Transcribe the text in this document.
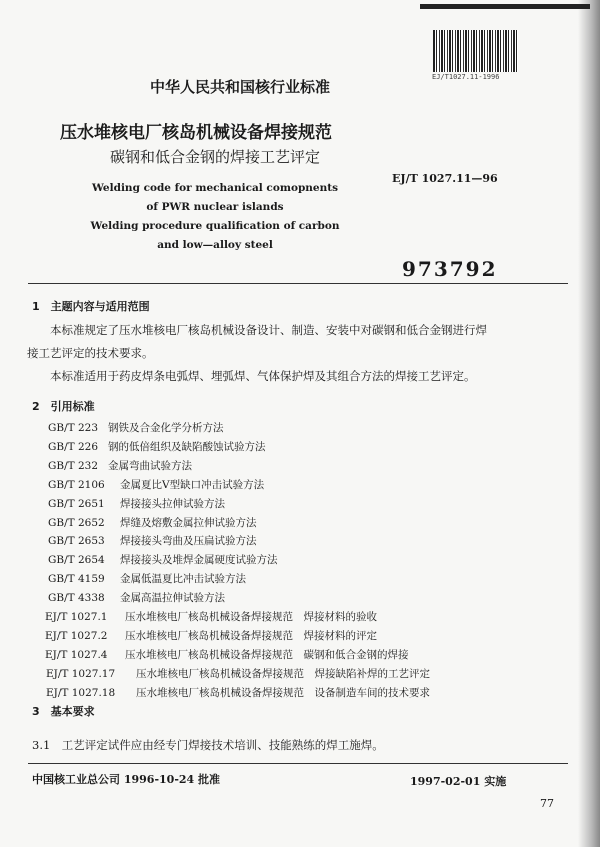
EJ/T1027.11-1996
中华人民共和国核行业标准
压水堆核电厂核岛机械设备焊接规范
碳钢和低合金钢的焊接工艺评定
EJ/T 1027.11—96
Welding code for mechanical comopnents
of PWR nuclear islands
Welding procedure qualification of carbon
and low—alloy steel
973792
1　 主题内容与适用范围
本标准规定了压水堆核电厂核岛机械设备设计、制造、安装中对碳钢和低合金钢进行焊
接工艺评定的技术要求。
本标准适用于药皮焊条电弧焊、埋弧焊、气体保护焊及其组合方法的焊接工艺评定。
2　 引用标准
GB/T 223 钢铁及合金化学分析方法
GB/T 226 钢的低倍组织及缺陷酸蚀试验方法
GB/T 232 金属弯曲试验方法
GB/T 2106 金属夏比V型缺口冲击试验方法
GB/T 2651 焊接接头拉伸试验方法
GB/T 2652 焊缝及熔敷金属拉伸试验方法
GB/T 2653 焊接接头弯曲及压扁试验方法
GB/T 2654 焊接接头及堆焊金属硬度试验方法
GB/T 4159 金属低温夏比冲击试验方法
GB/T 4338 金属高温拉伸试验方法
EJ/T 1027.1 压水堆核电厂核岛机械设备焊接规范　焊接材料的验收
EJ/T 1027.2 压水堆核电厂核岛机械设备焊接规范　焊接材料的评定
EJ/T 1027.4 压水堆核电厂核岛机械设备焊接规范　碳钢和低合金钢的焊接
EJ/T 1027.17 压水堆核电厂核岛机械设备焊接规范　焊接缺陷补焊的工艺评定
EJ/T 1027.18 压水堆核电厂核岛机械设备焊接规范　设备制造车间的技术要求
3　 基本要求
3.1　 工艺评定试件应由经专门焊接技术培训、技能熟练的焊工施焊。
中国核工业总公司 1996-10-24 批准	1997-02-01 实施
77
